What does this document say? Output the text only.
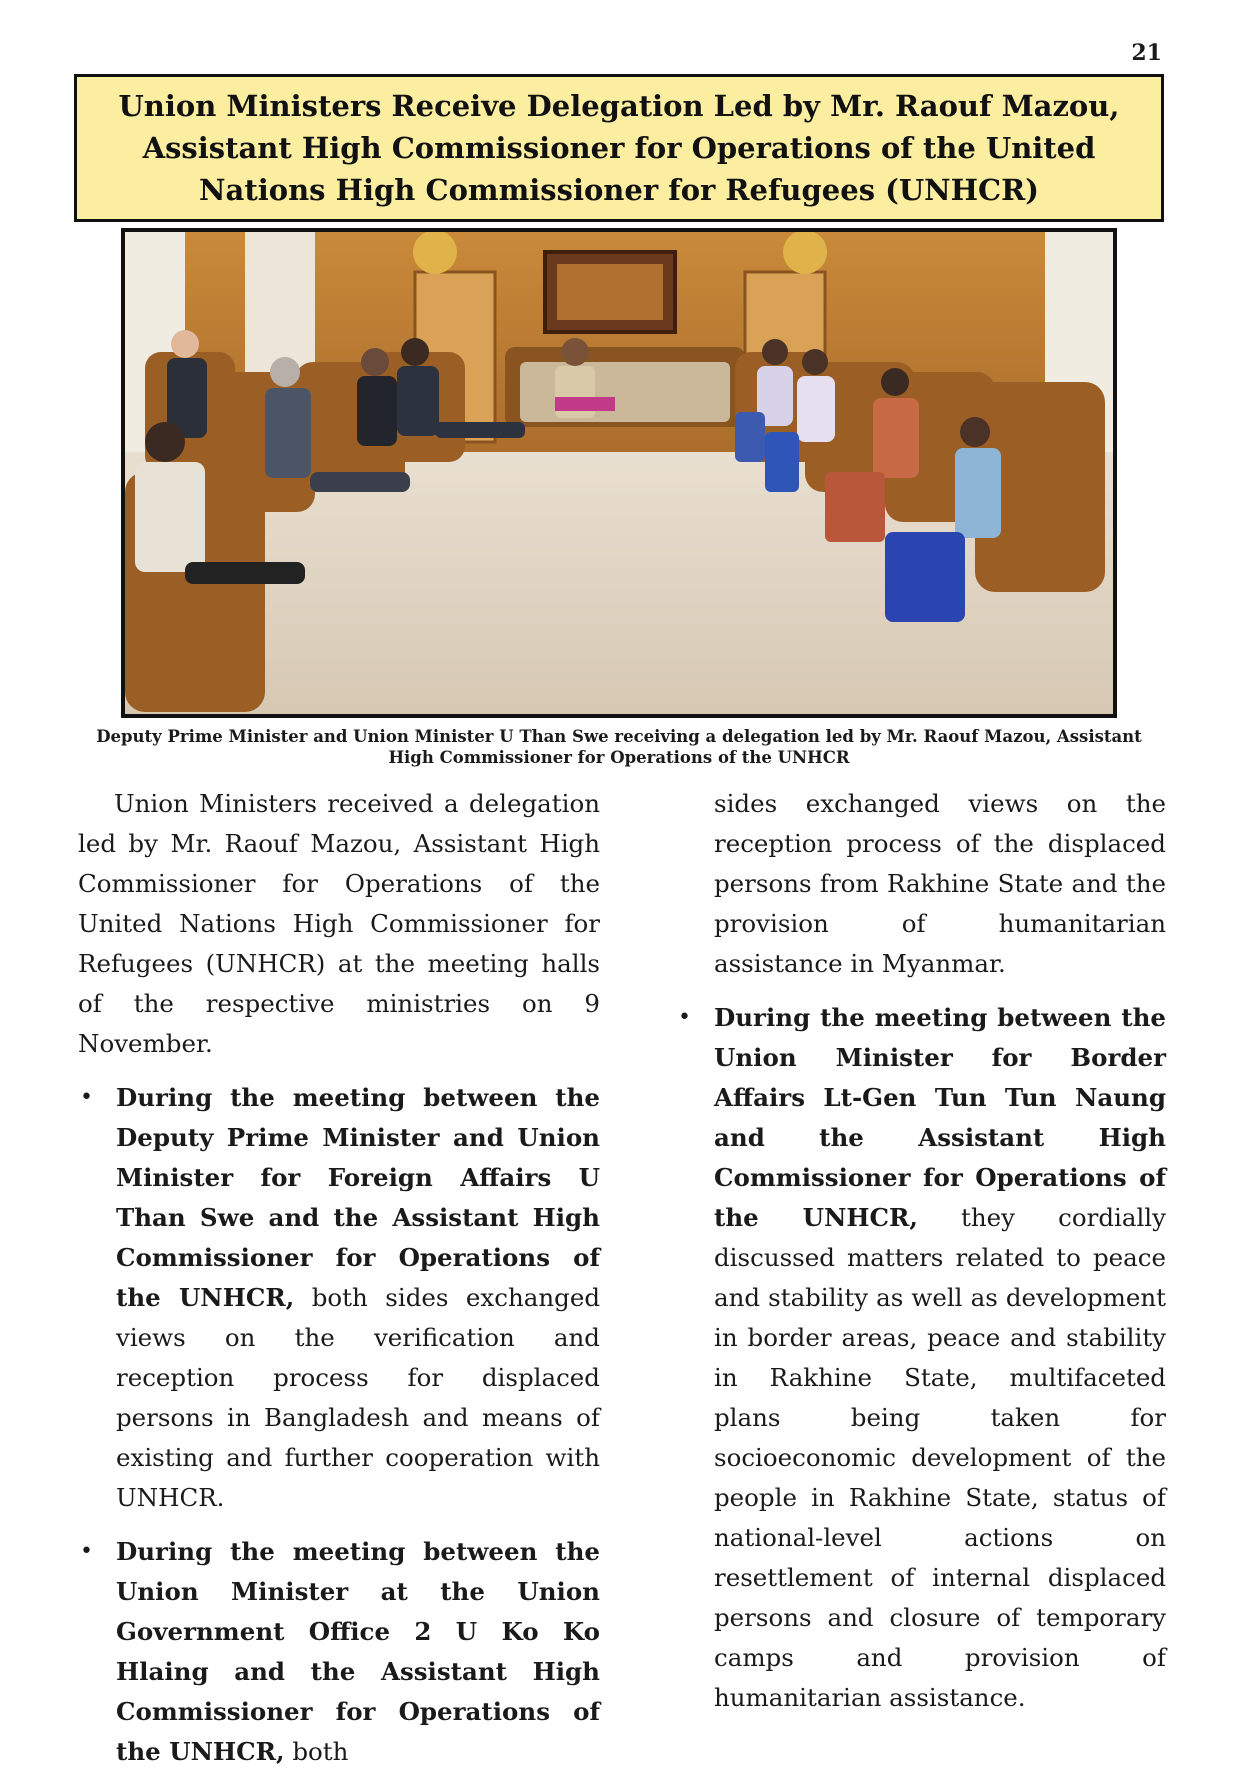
21
Union Ministers Receive Delegation Led by Mr. Raouf Mazou, Assistant High Commissioner for Operations of the United Nations High Commissioner for Refugees (UNHCR)
Deputy Prime Minister and Union Minister U Than Swe receiving a delegation led by Mr. Raouf Mazou, Assistant High Commissioner for Operations of the UNHCR

Union Ministers received a delegation led by Mr. Raouf Mazou, Assistant High Commissioner for Operations of the United Nations High Commissioner for Refugees (UNHCR) at the meeting halls of the respective ministries on 9 November.

• During the meeting between the Deputy Prime Minister and Union Minister for Foreign Affairs U Than Swe and the Assistant High Commissioner for Operations of the UNHCR, both sides exchanged views on the verification and reception process for displaced persons in Bangladesh and means of existing and further cooperation with UNHCR.

• During the meeting between the Union Minister at the Union Government Office 2 U Ko Ko Hlaing and the Assistant High Commissioner for Operations of the UNHCR, both

sides exchanged views on the reception process of the displaced persons from Rakhine State and the provision of humanitarian assistance in Myanmar.

• During the meeting between the Union Minister for Border Affairs Lt-Gen Tun Tun Naung and the Assistant High Commissioner for Operations of the UNHCR, they cordially discussed matters related to peace and stability as well as development in border areas, peace and stability in Rakhine State, multifaceted plans being taken for socioeconomic development of the people in Rakhine State, status of national-level actions on resettlement of internal displaced persons and closure of temporary camps and provision of humanitarian assistance.
